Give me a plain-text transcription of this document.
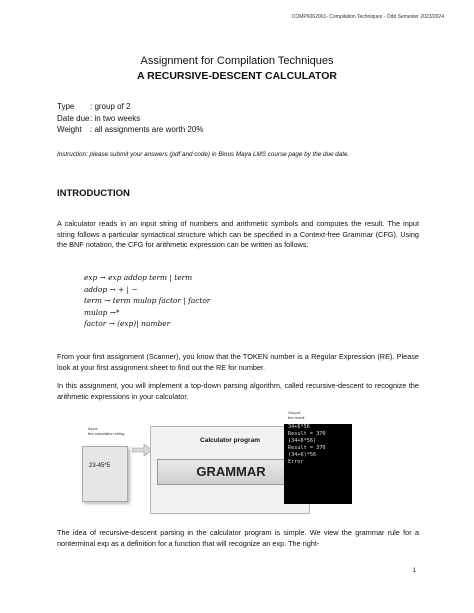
COMP6062001- Compilation Techniques - Odd Semester 2023/2024
Assignment for Compilation Techniques
A RECURSIVE-DESCENT CALCULATOR
Type : group of 2
Date due: in two weeks
Weight : all assignments are worth 20%
Instruction: please submit your answers (pdf and code) in Binus Maya LMS course page by the due date.
INTRODUCTION
A calculator reads in an input string of numbers and arithmetic symbols and computes the result. The input string follows a particular syntactical structure which can be specified in a Context-free Grammar (CFG). Using the BNF notation, the CFG for arithmetic expression can be written as follows:
exp → exp addop term | term
addop → + | −
term → term mulop factor | factor
mulop →*
factor → (exp)| number
From your first assignment (Scanner), you know that the TOKEN number is a Regular Expression (RE). Please look at your first assignment sheet to find out the RE for number.
In this assignment, you will implement a top-down parsing algorithm, called recursive-descent to recognize the arithmetic expressions in your calculator.
Input:
the calculation string
23-45*5
Calculator program
GRAMMAR
Output:
the result
34+6*56
Result = 370
(34+6*56)
Result = 370
(34+6)*56
Error
The idea of recursive-descent parsing in the calculator program is simple. We view the grammar rule for a nonterminal exp as a definition for a function that will recognize an exp. The right-
1
